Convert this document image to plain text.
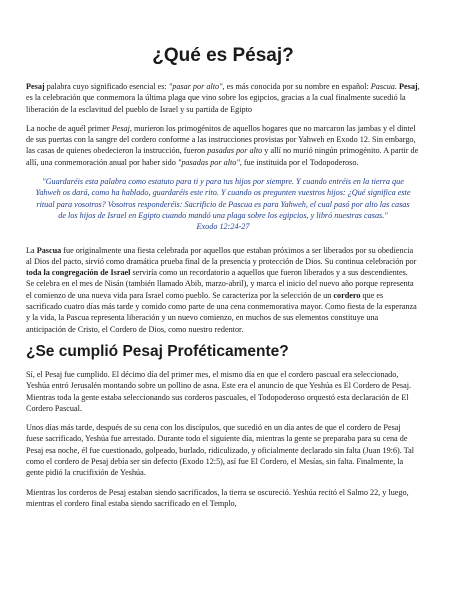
¿Qué es Pésaj?

Pesaj palabra cuyo significado esencial es: "pasar por alto", es más conocida por su nombre en español: Pascua. Pesaj, es la celebración que conmemora la última plaga que vino sobre los egipcios, gracias a la cual finalmente sucedió la liberación de la esclavitud del pueblo de Israel y su partida de Egipto

La noche de aquél primer Pesaj, murieron los primogénitos de aquellos hogares que no marcaron las jambas y el dintel de sus puertas con la sangre del cordero conforme a las instrucciones provistas por Yahweh en Exodo 12. Sin embargo, las casas de quienes obedecieron la instrucción, fueron pasadas por alto y allí no murió ningún primogénito. A partir de allí, una conmemoración anual por haber sido "pasadas por alto", fue instituida por el Todopoderoso.

"Guardaréis esta palabra como estatuto para ti y para tus hijos por siempre. Y cuando entréis en la tierra que Yahweh os dará, como ha hablado, guardaréis este rito. Y cuando os pregunten vuestros hijos: ¿Qué significa este ritual para vosotros? Vosotros responderéis: Sacrificio de Pascua es para Yahweh, el cual pasó por alto las casas de los hijos de Israel en Egipto cuando mandó una plaga sobre los egipcios, y libró nuestras casas."
Exodo 12:24-27

La Pascua fue originalmente una fiesta celebrada por aquellos que estaban próximos a ser liberados por su obediencia al Dios del pacto, sirvió como dramática prueba final de la presencia y protección de Dios. Su continua celebración por toda la congregación de Israel serviría como un recordatorio a aquellos que fueron liberados y a sus descendientes.
Se celebra en el mes de Nisán (también llamado Abib, marzo-abril), y marca el inicio del nuevo año porque representa el comienzo de una nueva vida para Israel como pueblo. Se caracteriza por la selección de un cordero que es sacrificado cuatro días más tarde y comido como parte de una cena conmemorativa mayor. Como fiesta de la esperanza y la vida, la Pascua representa liberación y un nuevo comienzo, en muchos de sus elementos constituye una anticipación de Cristo, el Cordero de Dios, como nuestro redentor.

¿Se cumplió Pesaj Proféticamente?

Sí, el Pesaj fue cumplido. El décimo día del primer mes, el mismo día en que el cordero pascual era seleccionado, Yeshúa entró Jerusalén montando sobre un pollino de asna. Este era el anuncio de que Yeshúa es El Cordero de Pesaj. Mientras toda la gente estaba seleccionando sus corderos pascuales, el Todopoderoso orquestó esta declaración de El Cordero Pascual.

Unos días más tarde, después de su cena con los discípulos, que sucedió en un día antes de que el cordero de Pesaj fuese sacrificado, Yeshúa fue arrestado. Durante todo el siguiente día, mientras la gente se preparaba para su cena de Pesaj esa noche, él fue cuestionado, golpeado, burlado, ridiculizado, y oficialmente declarado sin falta (Juan 19:6). Tal como el cordero de Pesaj debía ser sin defecto (Exodo 12:5), así fue El Cordero, el Mesías, sin falta. Finalmente, la gente pidió la crucifixión de Yeshúa.

Mientras los corderos de Pesaj estaban siendo sacrificados, la tierra se oscureció. Yeshúa recitó el Salmo 22, y luego, mientras el cordero final estaba siendo sacrificado en el Templo,
